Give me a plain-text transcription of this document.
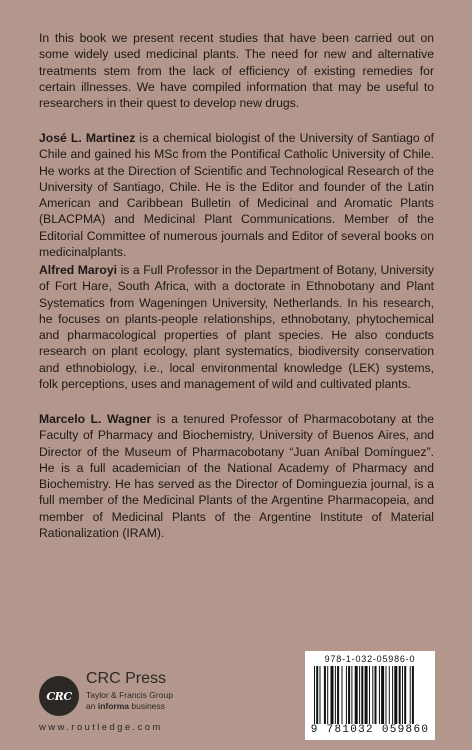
In this book we present recent studies that have been carried out on some widely used medicinal plants. The need for new and alternative treatments stem from the lack of efficiency of existing remedies for certain illnesses. We have compiled information that may be useful to researchers in their quest to develop new drugs.

José L. Martinez is a chemical biologist of the University of Santiago of Chile and gained his MSc from the Pontifical Catholic University of Chile. He works at the Direction of Scientific and Technological Research of the University of Santiago, Chile. He is the Editor and founder of the Latin American and Caribbean Bulletin of Medicinal and Aromatic Plants (BLACPMA) and Medicinal Plant Communications. Member of the Editorial Committee of numerous journals and Editor of several books on medicinalplants.

Alfred Maroyi is a Full Professor in the Department of Botany, University of Fort Hare, South Africa, with a doctorate in Ethnobotany and Plant Systematics from Wageningen University, Netherlands. In his research, he focuses on plants-people relationships, ethnobotany, phytochemical and pharmacological properties of plant species. He also conducts research on plant ecology, plant systematics, biodiversity conservation and ethnobiology, i.e., local environmental knowledge (LEK) systems, folk perceptions, uses and management of wild and cultivated plants.

Marcelo L. Wagner is a tenured Professor of Pharmacobotany at the Faculty of Pharmacy and Biochemistry, University of Buenos Aires, and Director of the Museum of Pharmacobotany “Juan Aníbal Domínguez”. He is a full academician of the National Academy of Pharmacy and Biochemistry. He has served as the Director of Dominguezia journal, is a full member of the Medicinal Plants of the Argentine Pharmacopeia, and member of Medicinal Plants of the Argentine Institute of Material Rationalization (IRAM).

CRC
CRC Press
Taylor & Francis Group
an informa business
www.routledge.com
978-1-032-05986-0
9 781032 059860
